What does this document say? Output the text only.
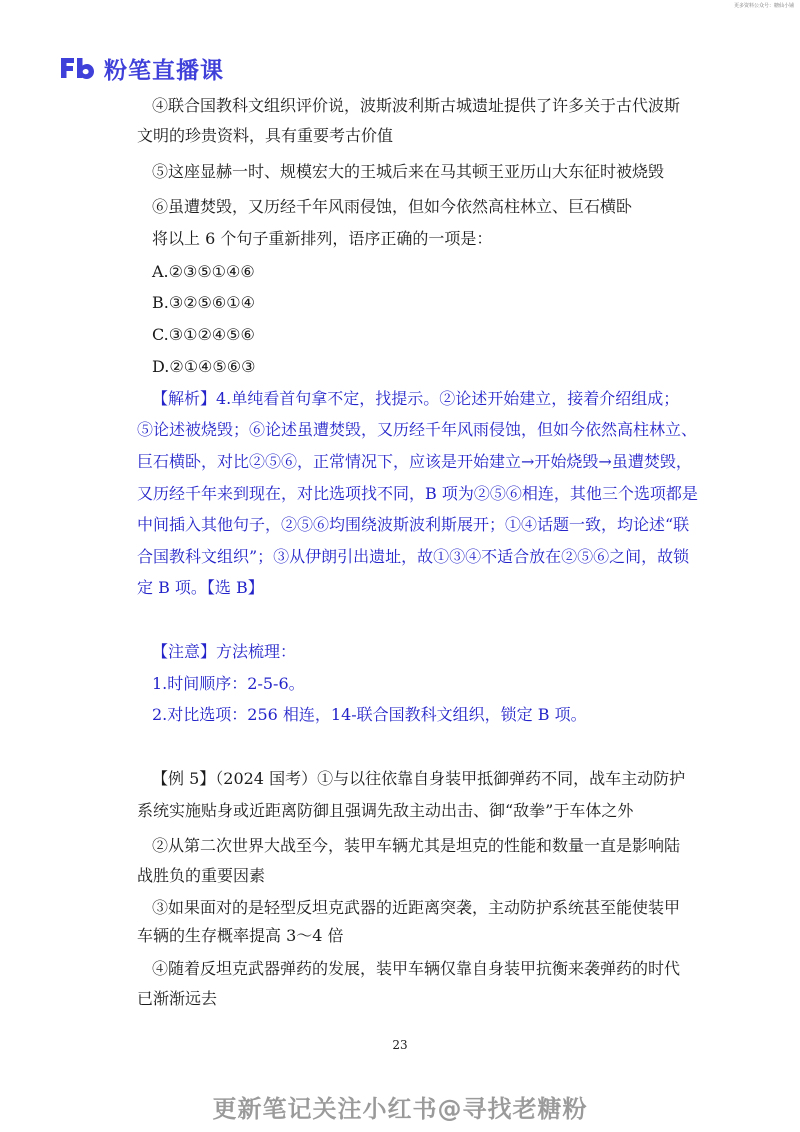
更多资料公众号：糖仙小铺
粉笔直播课
④联合国教科文组织评价说，波斯波利斯古城遗址提供了许多关于古代波斯
文明的珍贵资料，具有重要考古价值
⑤这座显赫一时、规模宏大的王城后来在马其顿王亚历山大东征时被烧毁
⑥虽遭焚毁，又历经千年风雨侵蚀，但如今依然高柱林立、巨石横卧
将以上 6 个句子重新排列，语序正确的一项是：
A.②③⑤①④⑥
B.③②⑤⑥①④
C.③①②④⑤⑥
D.②①④⑤⑥③
【解析】4.单纯看首句拿不定，找提示。②论述开始建立，接着介绍组成；
⑤论述被烧毁；⑥论述虽遭焚毁，又历经千年风雨侵蚀，但如今依然高柱林立、
巨石横卧，对比②⑤⑥，正常情况下，应该是开始建立→开始烧毁→虽遭焚毁，
又历经千年来到现在，对比选项找不同，B 项为②⑤⑥相连，其他三个选项都是
中间插入其他句子，②⑤⑥均围绕波斯波利斯展开；①④话题一致，均论述“联
合国教科文组织”；③从伊朗引出遗址，故①③④不适合放在②⑤⑥之间，故锁
定 B 项。【选 B】
【注意】方法梳理：
1.时间顺序：2-5-6。
2.对比选项：256 相连，14-联合国教科文组织，锁定 B 项。
【例 5】（2024 国考）①与以往依靠自身装甲抵御弹药不同，战车主动防护
系统实施贴身或近距离防御且强调先敌主动出击、御“敌拳”于车体之外
②从第二次世界大战至今，装甲车辆尤其是坦克的性能和数量一直是影响陆
战胜负的重要因素
③如果面对的是轻型反坦克武器的近距离突袭，主动防护系统甚至能使装甲
车辆的生存概率提高 3～4 倍
④随着反坦克武器弹药的发展，装甲车辆仅靠自身装甲抗衡来袭弹药的时代
已渐渐远去
23
更新笔记关注小红书@寻找老糖粉
